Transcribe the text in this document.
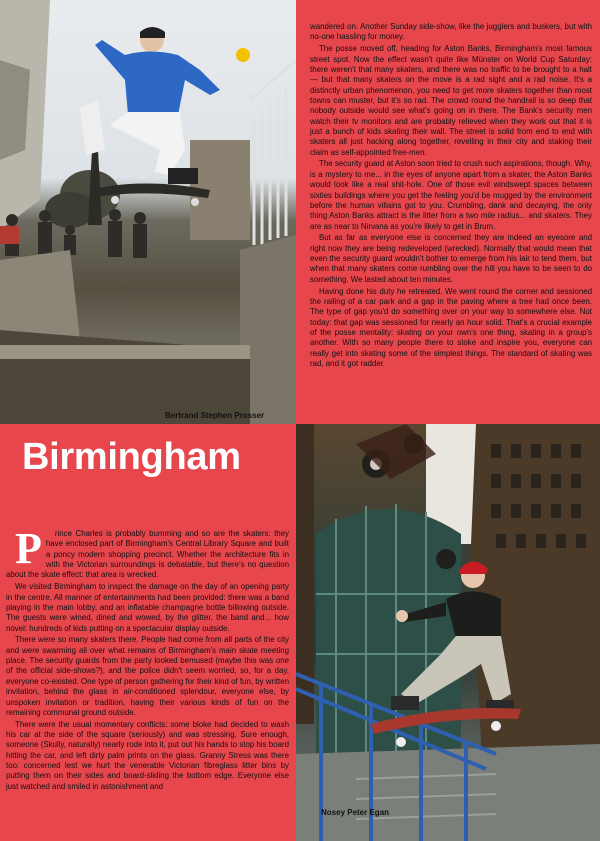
Bertrand Stephen Prosser

wandered on. Another Sunday side-show, like the jugglers and buskers, but with no-one hassling for money.

The posse moved off, heading for Aston Banks, Birmingham's most famous street spot. Now the effect wasn't quite like Münster on World Cup Saturday: there weren't that many skaters, and there was no traffic to be brought to a halt — but that many skaters on the move is a rad sight and a rad noise. It's a distinctly urban phenomenon, you need to get more skaters together than most towns can muster, but it's so rad. The crowd round the handrail is so deep that nobody outside would see what's going on in there. The Bank's security men watch their tv monitors and are probably relieved when they work out that it is just a bunch of kids skating their wall. The street is solid from end to end with skaters all just hacking along together, revelling in their city and staking their claim as self-appointed free-men.

The security guard at Aston soon tried to crush such aspirations, though. Why, is a mystery to me... in the eyes of anyone apart from a skater, the Aston Banks would look like a real shit-hole. One of those evil windswept spaces between sixties buildings where you get the feeling you'd be mugged by the environment before the human villains got to you. Crumbling, dank and decaying, the only thing Aston Banks attract is the litter from a two mile radius... and skaters. They are as near to Nirvana as you're likely to get in Brum.

But as far as everyone else is concerned they are indeed an eyesore and right now they are being redeveloped (wrecked). Normally that would mean that even the security guard wouldn't bother to emerge from his lair to tend them, but when that many skaters come rumbling over the hill you have to be seen to do something. We lasted about ten minutes.

Having done his duty he retreated. We went round the corner and sessioned the railing of a car park and a gap in the paving where a tree had once been. The type of gap you'd do something over on your way to somewhere else. Not today: that gap was sessioned for nearly an hour solid. That's a crucial example of the posse mentality: skating on your own's one thing, skating in a group's another. With so many people there to stoke and inspire you, everyone can really get into skating some of the simplest things. The standard of skating was rad, and it got radder.

Birmingham

P rince Charles is probably bumming and so are the skaters: they have enclosed part of Birmingham's Central Library Square and built a poncy modern shopping precinct. Whether the architecture fits in with the Victorian surroundings is debatable, but there's no question about the skate effect: that area is wrecked.

We visited Birmingham to inspect the damage on the day of an opening party in the centre. All manner of entertainments had been provided: there was a band playing in the main lobby, and an inflatable champagne bottle billowing outside. The guests were wined, dined and wowed, by the glitter, the band and... how novel: hundreds of kids putting on a spectacular display outside.

There were so many skaters there. People had come from all parts of the city and were swarming all over what remains of Birmingham's main skate meeting place. The security guards from the party looked bemused (maybe this was one of the official side-shows?), and the police didn't seem worried, so, for a day, everyone co-existed. One type of person gathering for their kind of fun, by written invitation, behind the glass in air-conditioned splendour, everyone else, by unspoken invitation or tradition, having their various kinds of fun on the remaining communal ground outside.

There were the usual momentary conflicts: some bloke had decided to wash his car at the side of the square (seriously) and was stressing. Sure enough, someone (Skully, naturally) nearly rode into it, put out his hands to stop his board hitting the car, and left dirty palm prints on the glass. Granny Stress was there too: concerned lest we hurt the venerable Victorian fibreglass litter bins by putting them on their sides and board-sliding the bottom edge. Everyone else just watched and smiled in astonishment and

Nosey Peter Egan
